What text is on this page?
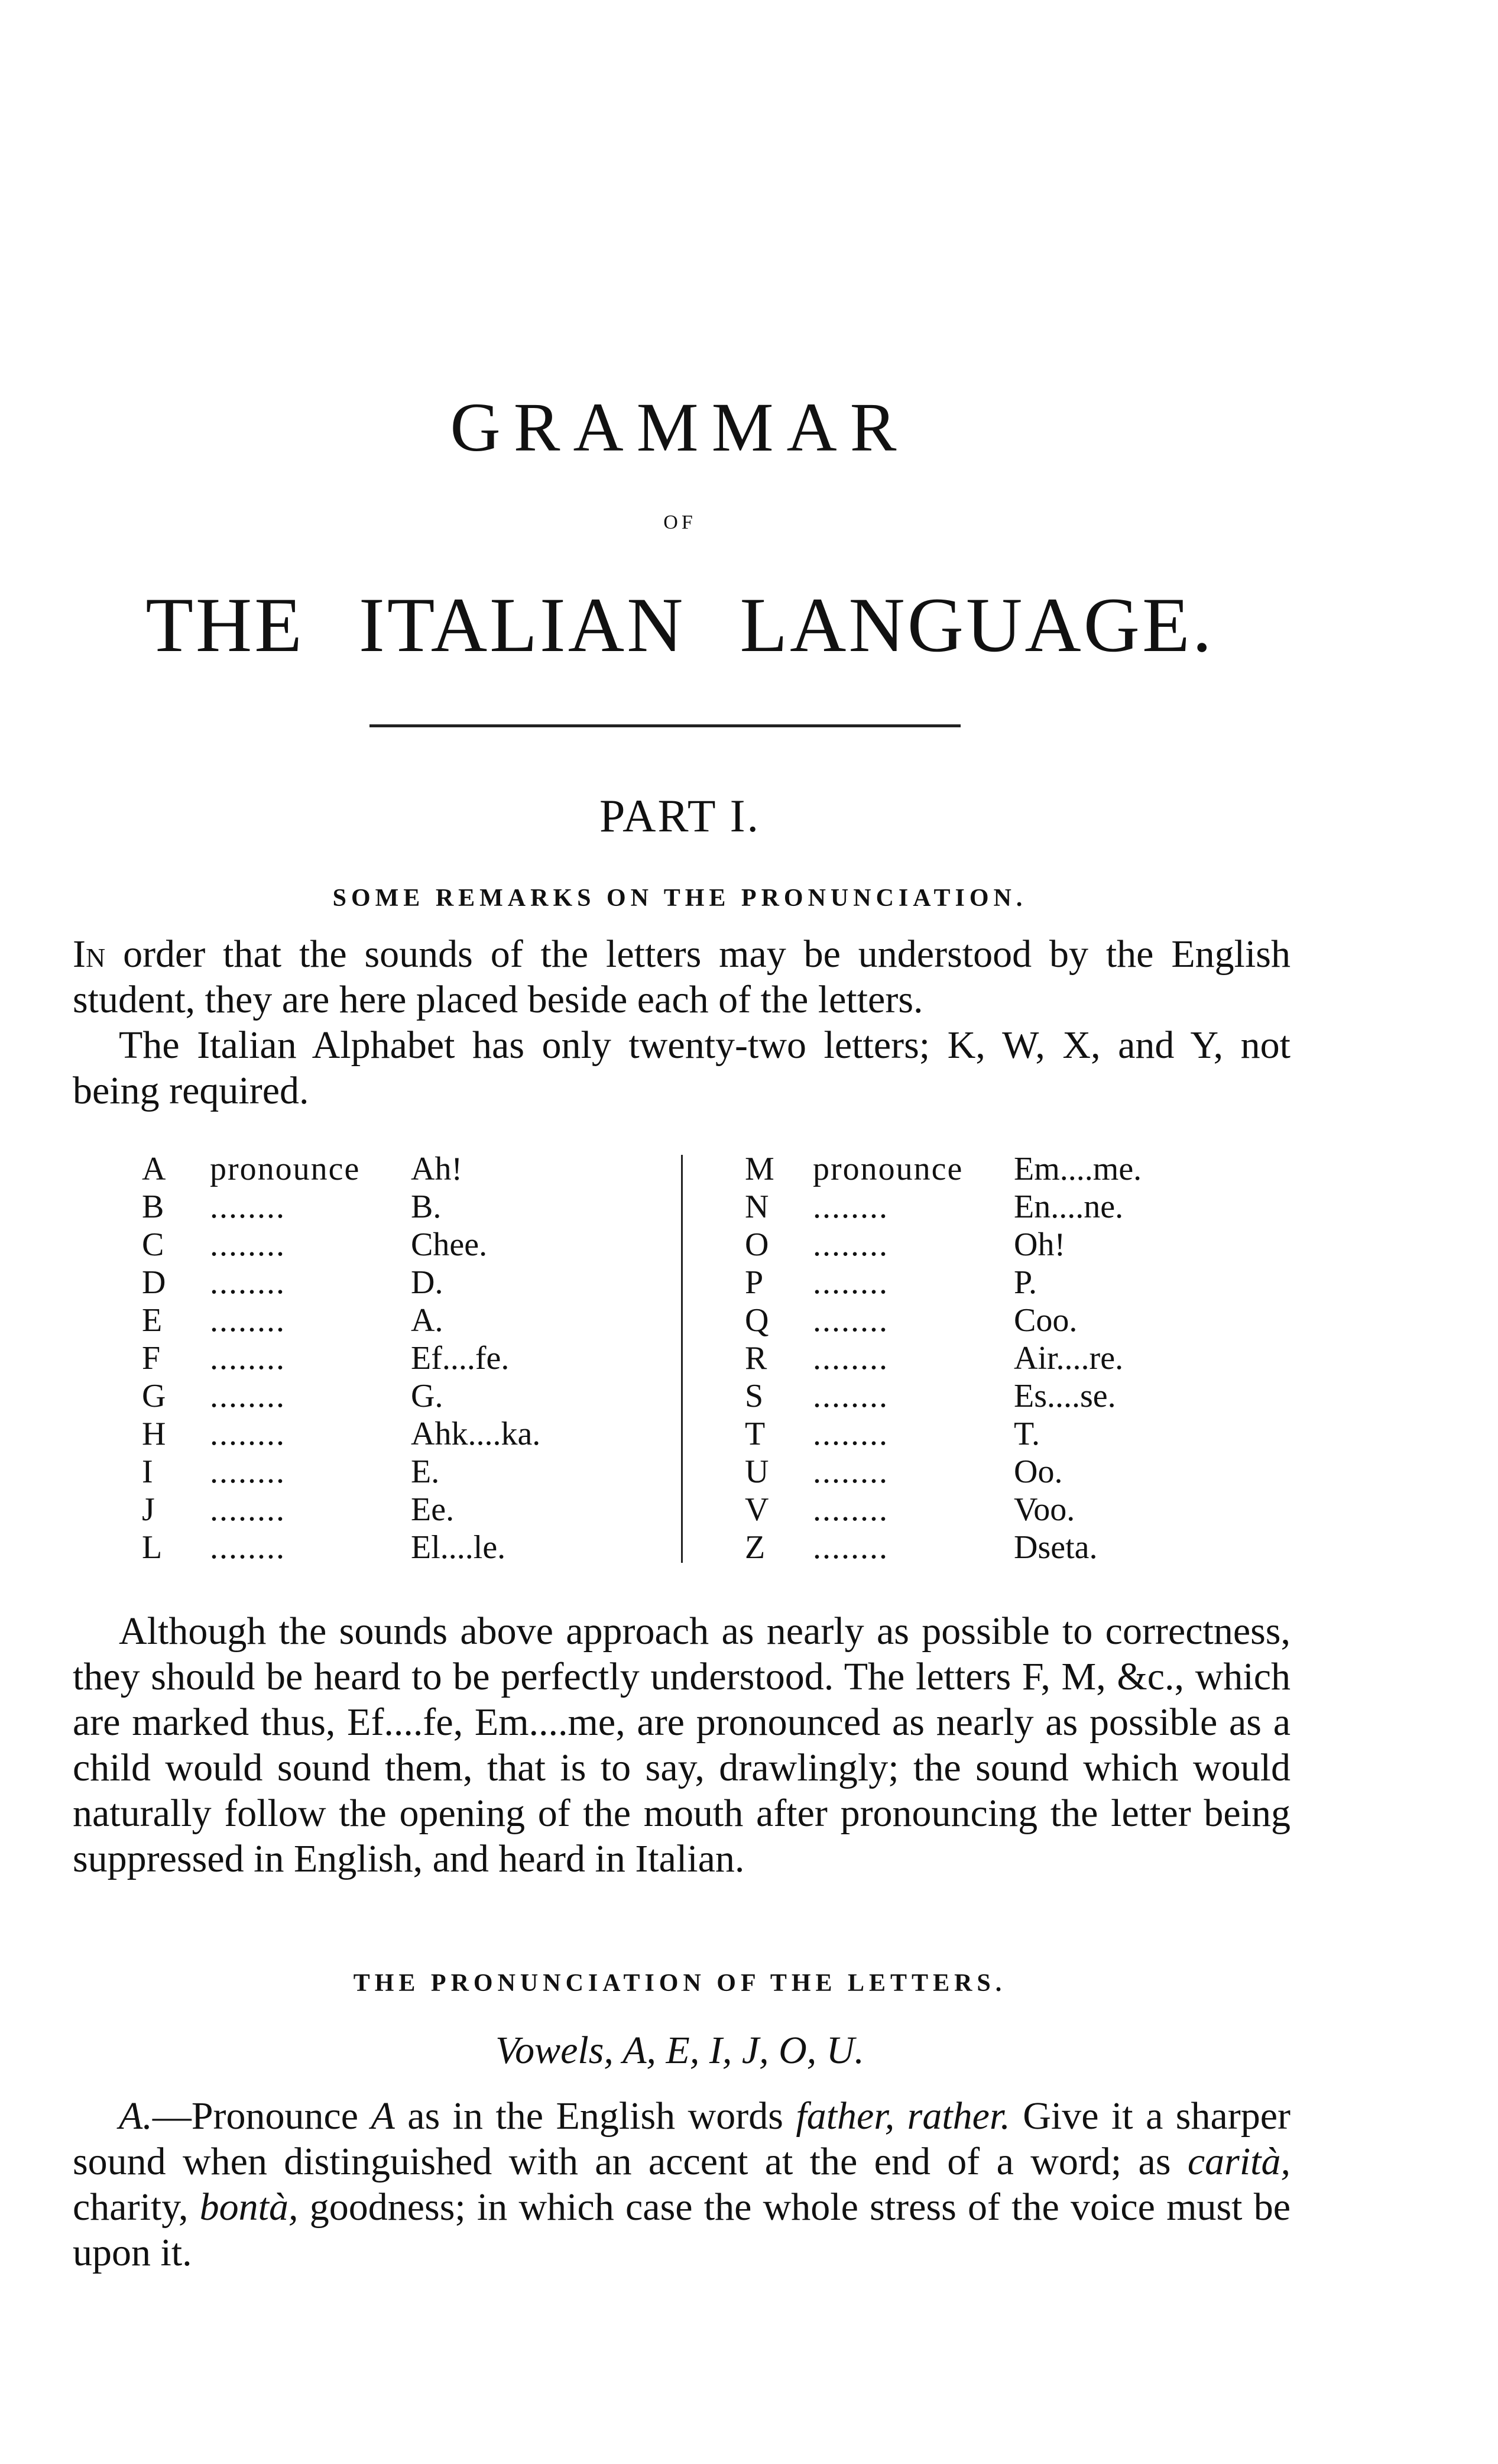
GRAMMAR
OF
THE ITALIAN LANGUAGE.
PART I.
SOME REMARKS ON THE PRONUNCIATION.

In order that the sounds of the letters may be understood by the English student, they are here placed beside each of the letters.

The Italian Alphabet has only twenty-two letters; K, W, X, and Y, not being required.

A	pronounce	Ah!
B	........	B.
C	........	Chee.
D	........	D.
E	........	A.
F	........	Ef....fe.
G	........	G.
H	........	Ahk....ka.
I	........	E.
J	........	Ee.
L	........	El....le.
M	pronounce	Em....me.
N	........	En....ne.
O	........	Oh!
P	........	P.
Q	........	Coo.
R	........	Air....re.
S	........	Es....se.
T	........	T.
U	........	Oo.
V	........	Voo.
Z	........	Dseta.

Although the sounds above approach as nearly as possible to correctness, they should be heard to be perfectly understood. The letters F, M, &c., which are marked thus, Ef....fe, Em....me, are pronounced as nearly as possible as a child would sound them, that is to say, drawlingly; the sound which would naturally follow the opening of the mouth after pronouncing the letter being suppressed in English, and heard in Italian.

THE PRONUNCIATION OF THE LETTERS.
Vowels, A, E, I, J, O, U.

A.—Pronounce A as in the English words father, rather. Give it a sharper sound when distinguished with an accent at the end of a word; as carità, charity, bontà, goodness; in which case the whole stress of the voice must be upon it.
